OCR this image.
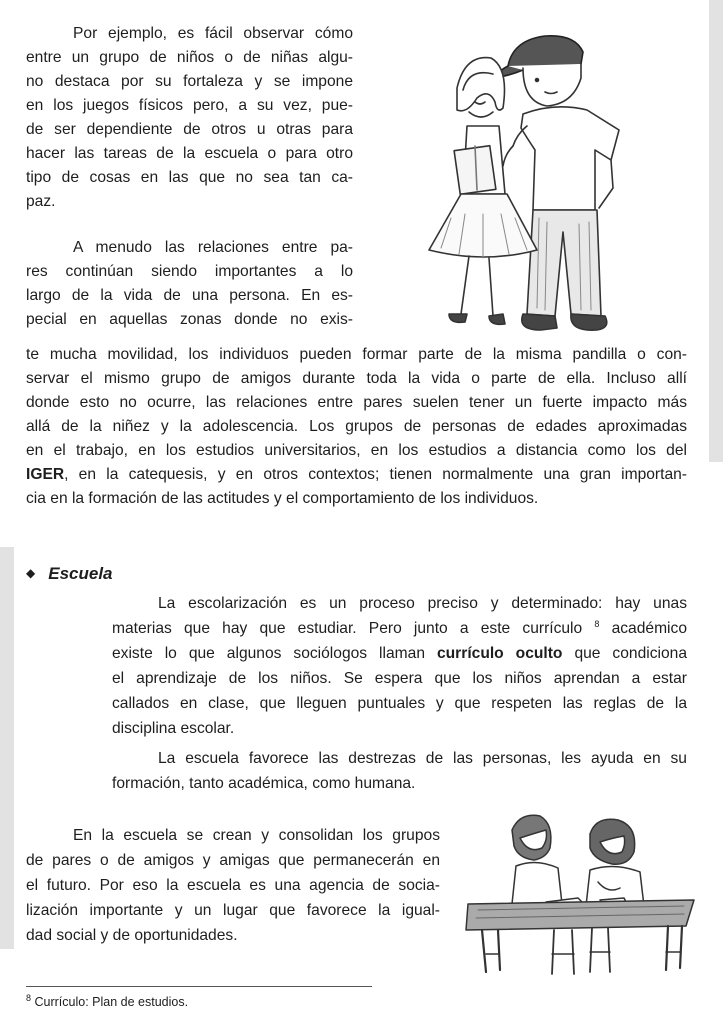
Por ejemplo, es fácil observar cómo
entre un grupo de niños o de niñas algu-
no destaca por su fortaleza y se impone
en los juegos físicos pero, a su vez, pue-
de ser dependiente de otros u otras para
hacer las tareas de la escuela o para otro
tipo de cosas en las que no sea tan ca-
paz.
A menudo las relaciones entre pa-
res continúan siendo importantes a lo
largo de la vida de una persona. En es-
pecial en aquellas zonas donde no exis-
te mucha movilidad, los individuos pueden formar parte de la misma pandilla o con-
servar el mismo grupo de amigos durante toda la vida o parte de ella. Incluso allí
donde esto no ocurre, las relaciones entre pares suelen tener un fuerte impacto más
allá de la niñez y la adolescencia. Los grupos de personas de edades aproximadas
en el trabajo, en los estudios universitarios, en los estudios a distancia como los del
IGER, en la catequesis, y en otros contextos; tienen normalmente una gran importan-
cia en la formación de las actitudes y el comportamiento de los individuos.
◆ Escuela
La escolarización es un proceso preciso y determinado: hay unas
materias que hay que estudiar. Pero junto a este currículo $^8$ académico
existe lo que algunos sociólogos llaman currículo oculto que condiciona
el aprendizaje de los niños. Se espera que los niños aprendan a estar
callados en clase, que lleguen puntuales y que respeten las reglas de la
disciplina escolar.
La escuela favorece las destrezas de las personas, les ayuda en su
formación, tanto académica, como humana.
En la escuela se crean y consolidan los grupos
de pares o de amigos y amigas que permanecerán en
el futuro. Por eso la escuela es una agencia de socia-
lización importante y un lugar que favorece la igual-
dad social y de oportunidades.
$^8$ Currículo: Plan de estudios.
